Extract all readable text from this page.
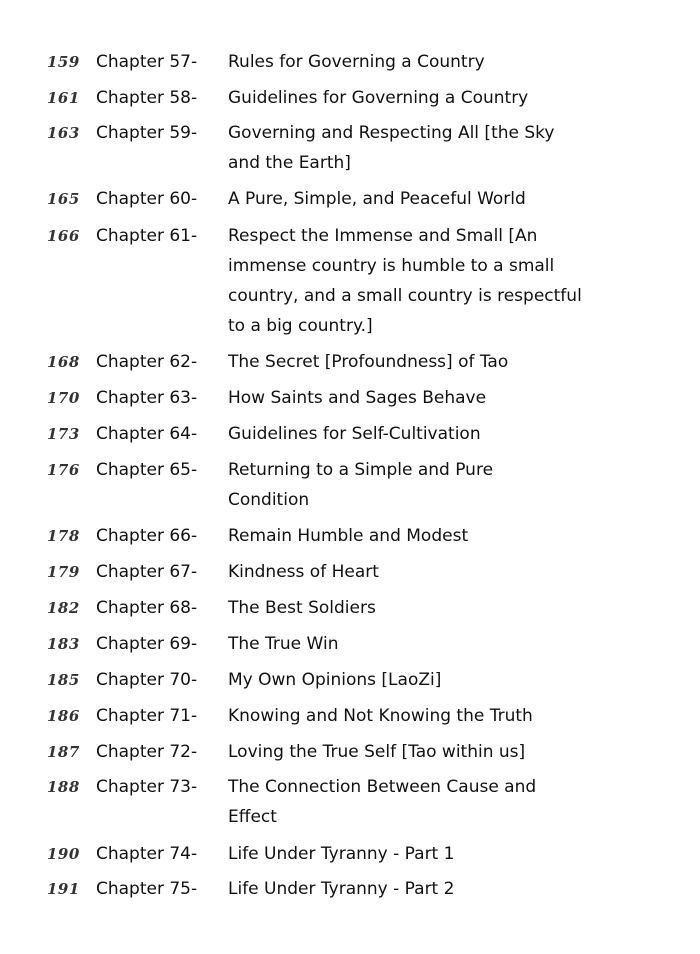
159 Chapter 57- Rules for Governing a Country
161 Chapter 58- Guidelines for Governing a Country
163 Chapter 59- Governing and Respecting All [the Sky
and the Earth]
165 Chapter 60- A Pure, Simple, and Peaceful World
166 Chapter 61- Respect the Immense and Small [An
immense country is humble to a small
country, and a small country is respectful
to a big country.]
168 Chapter 62- The Secret [Profoundness] of Tao
170 Chapter 63- How Saints and Sages Behave
173 Chapter 64- Guidelines for Self-Cultivation
176 Chapter 65- Returning to a Simple and Pure
Condition
178 Chapter 66- Remain Humble and Modest
179 Chapter 67- Kindness of Heart
182 Chapter 68- The Best Soldiers
183 Chapter 69- The True Win
185 Chapter 70- My Own Opinions [LaoZi]
186 Chapter 71- Knowing and Not Knowing the Truth
187 Chapter 72- Loving the True Self [Tao within us]
188 Chapter 73- The Connection Between Cause and
Effect
190 Chapter 74- Life Under Tyranny - Part 1
191 Chapter 75- Life Under Tyranny - Part 2
